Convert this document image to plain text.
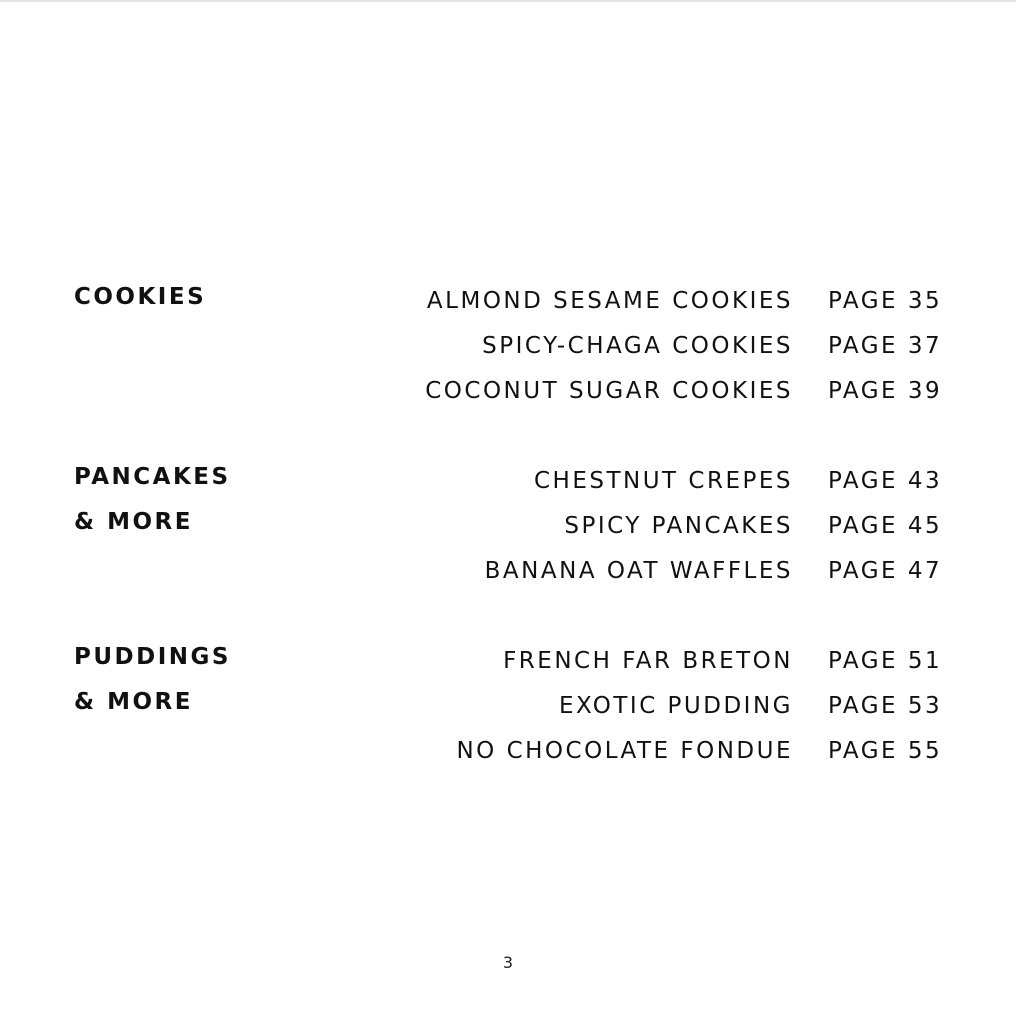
COOKIES	ALMOND SESAME COOKIES PAGE 35
SPICY-CHAGA COOKIES PAGE 37
COCONUT SUGAR COOKIES PAGE 39
PANCAKES
& MORE
CHESTNUT CREPES PAGE 43
SPICY PANCAKES PAGE 45
BANANA OAT WAFFLES PAGE 47
PUDDINGS
& MORE
FRENCH FAR BRETON PAGE 51
EXOTIC PUDDING PAGE 53
NO CHOCOLATE FONDUE PAGE 55
3
